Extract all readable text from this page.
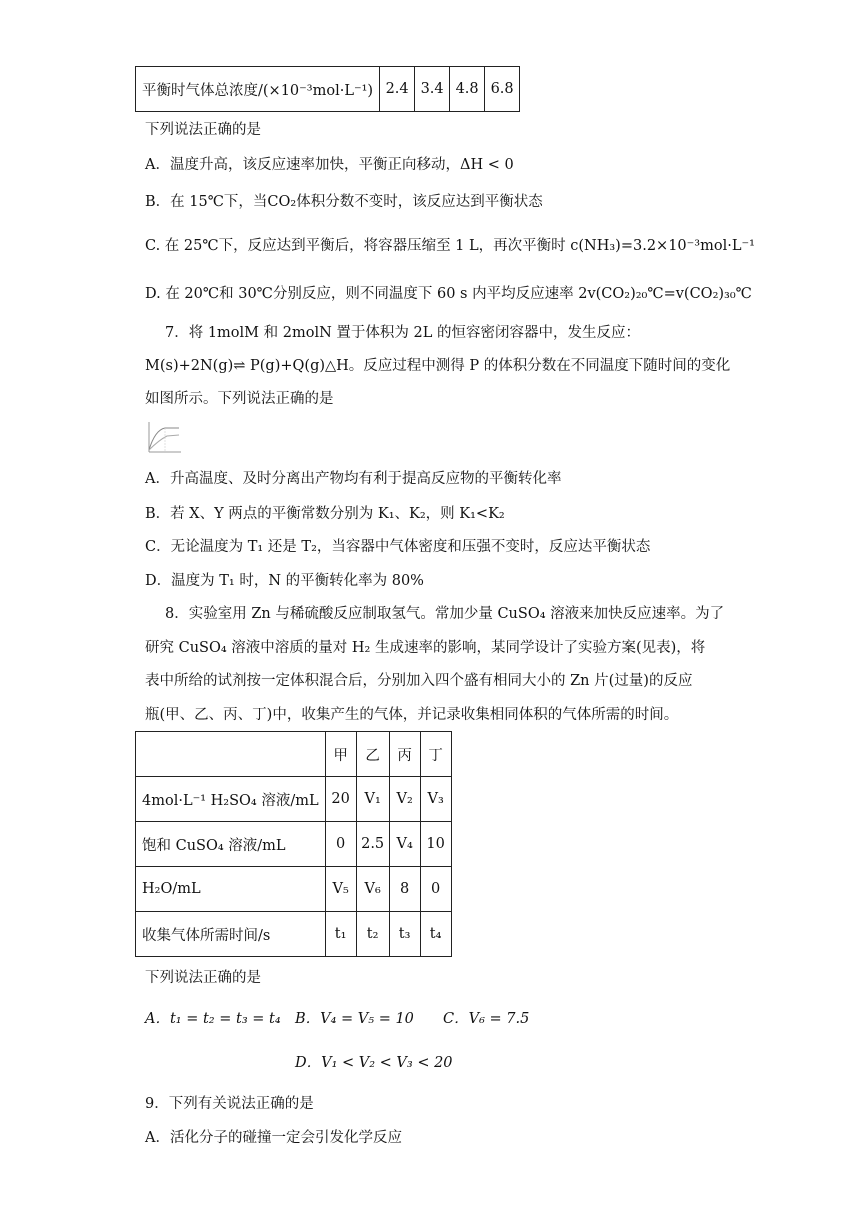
平衡时气体总浓度/(×10⁻³mol·L⁻¹)	2.4	3.4	4.8	6.8
下列说法正确的是
A．温度升高，该反应速率加快，平衡正向移动，ΔH < 0
B．在 15℃下，当CO₂体积分数不变时，该反应达到平衡状态
C. 在 25℃下，反应达到平衡后，将容器压缩至 1 L，再次平衡时 c(NH₃)=3.2×10⁻³mol·L⁻¹
D. 在 20℃和 30℃分别反应，则不同温度下 60 s 内平均反应速率 2v(CO₂)₂₀℃=v(CO₂)₃₀℃
7．将 1molM 和 2molN 置于体积为 2L 的恒容密闭容器中，发生反应：
M(s)+2N(g)⇌ P(g)+Q(g)△H。反应过程中测得 P 的体积分数在不同温度下随时间的变化
如图所示。下列说法正确的是
A．升高温度、及时分离出产物均有利于提高反应物的平衡转化率
B．若 X、Y 两点的平衡常数分别为 K₁、K₂，则 K₁<K₂
C．无论温度为 T₁ 还是 T₂，当容器中气体密度和压强不变时，反应达平衡状态
D．温度为 T₁ 时，N 的平衡转化率为 80%
8．实验室用 Zn 与稀硫酸反应制取氢气。常加少量 CuSO₄ 溶液来加快反应速率。为了
研究 CuSO₄ 溶液中溶质的量对 H₂ 生成速率的影响，某同学设计了实验方案(见表)，将
表中所给的试剂按一定体积混合后，分别加入四个盛有相同大小的 Zn 片(过量)的反应
瓶(甲、乙、丙、丁)中，收集产生的气体，并记录收集相同体积的气体所需的时间。
	甲	乙	丙	丁
4mol·L⁻¹ H₂SO₄ 溶液/mL	20	V₁	V₂	V₃
饱和 CuSO₄ 溶液/mL	0	2.5	V₄	10
H₂O/mL	V₅	V₆	8	0
收集气体所需时间/s	t₁	t₂	t₃	t₄
下列说法正确的是
A．t₁ = t₂ = t₃ = t₄ B．V₄ = V₅ = 10 C．V₆ = 7.5
D．V₁ < V₂ < V₃ < 20
9．下列有关说法正确的是
A．活化分子的碰撞一定会引发化学反应
